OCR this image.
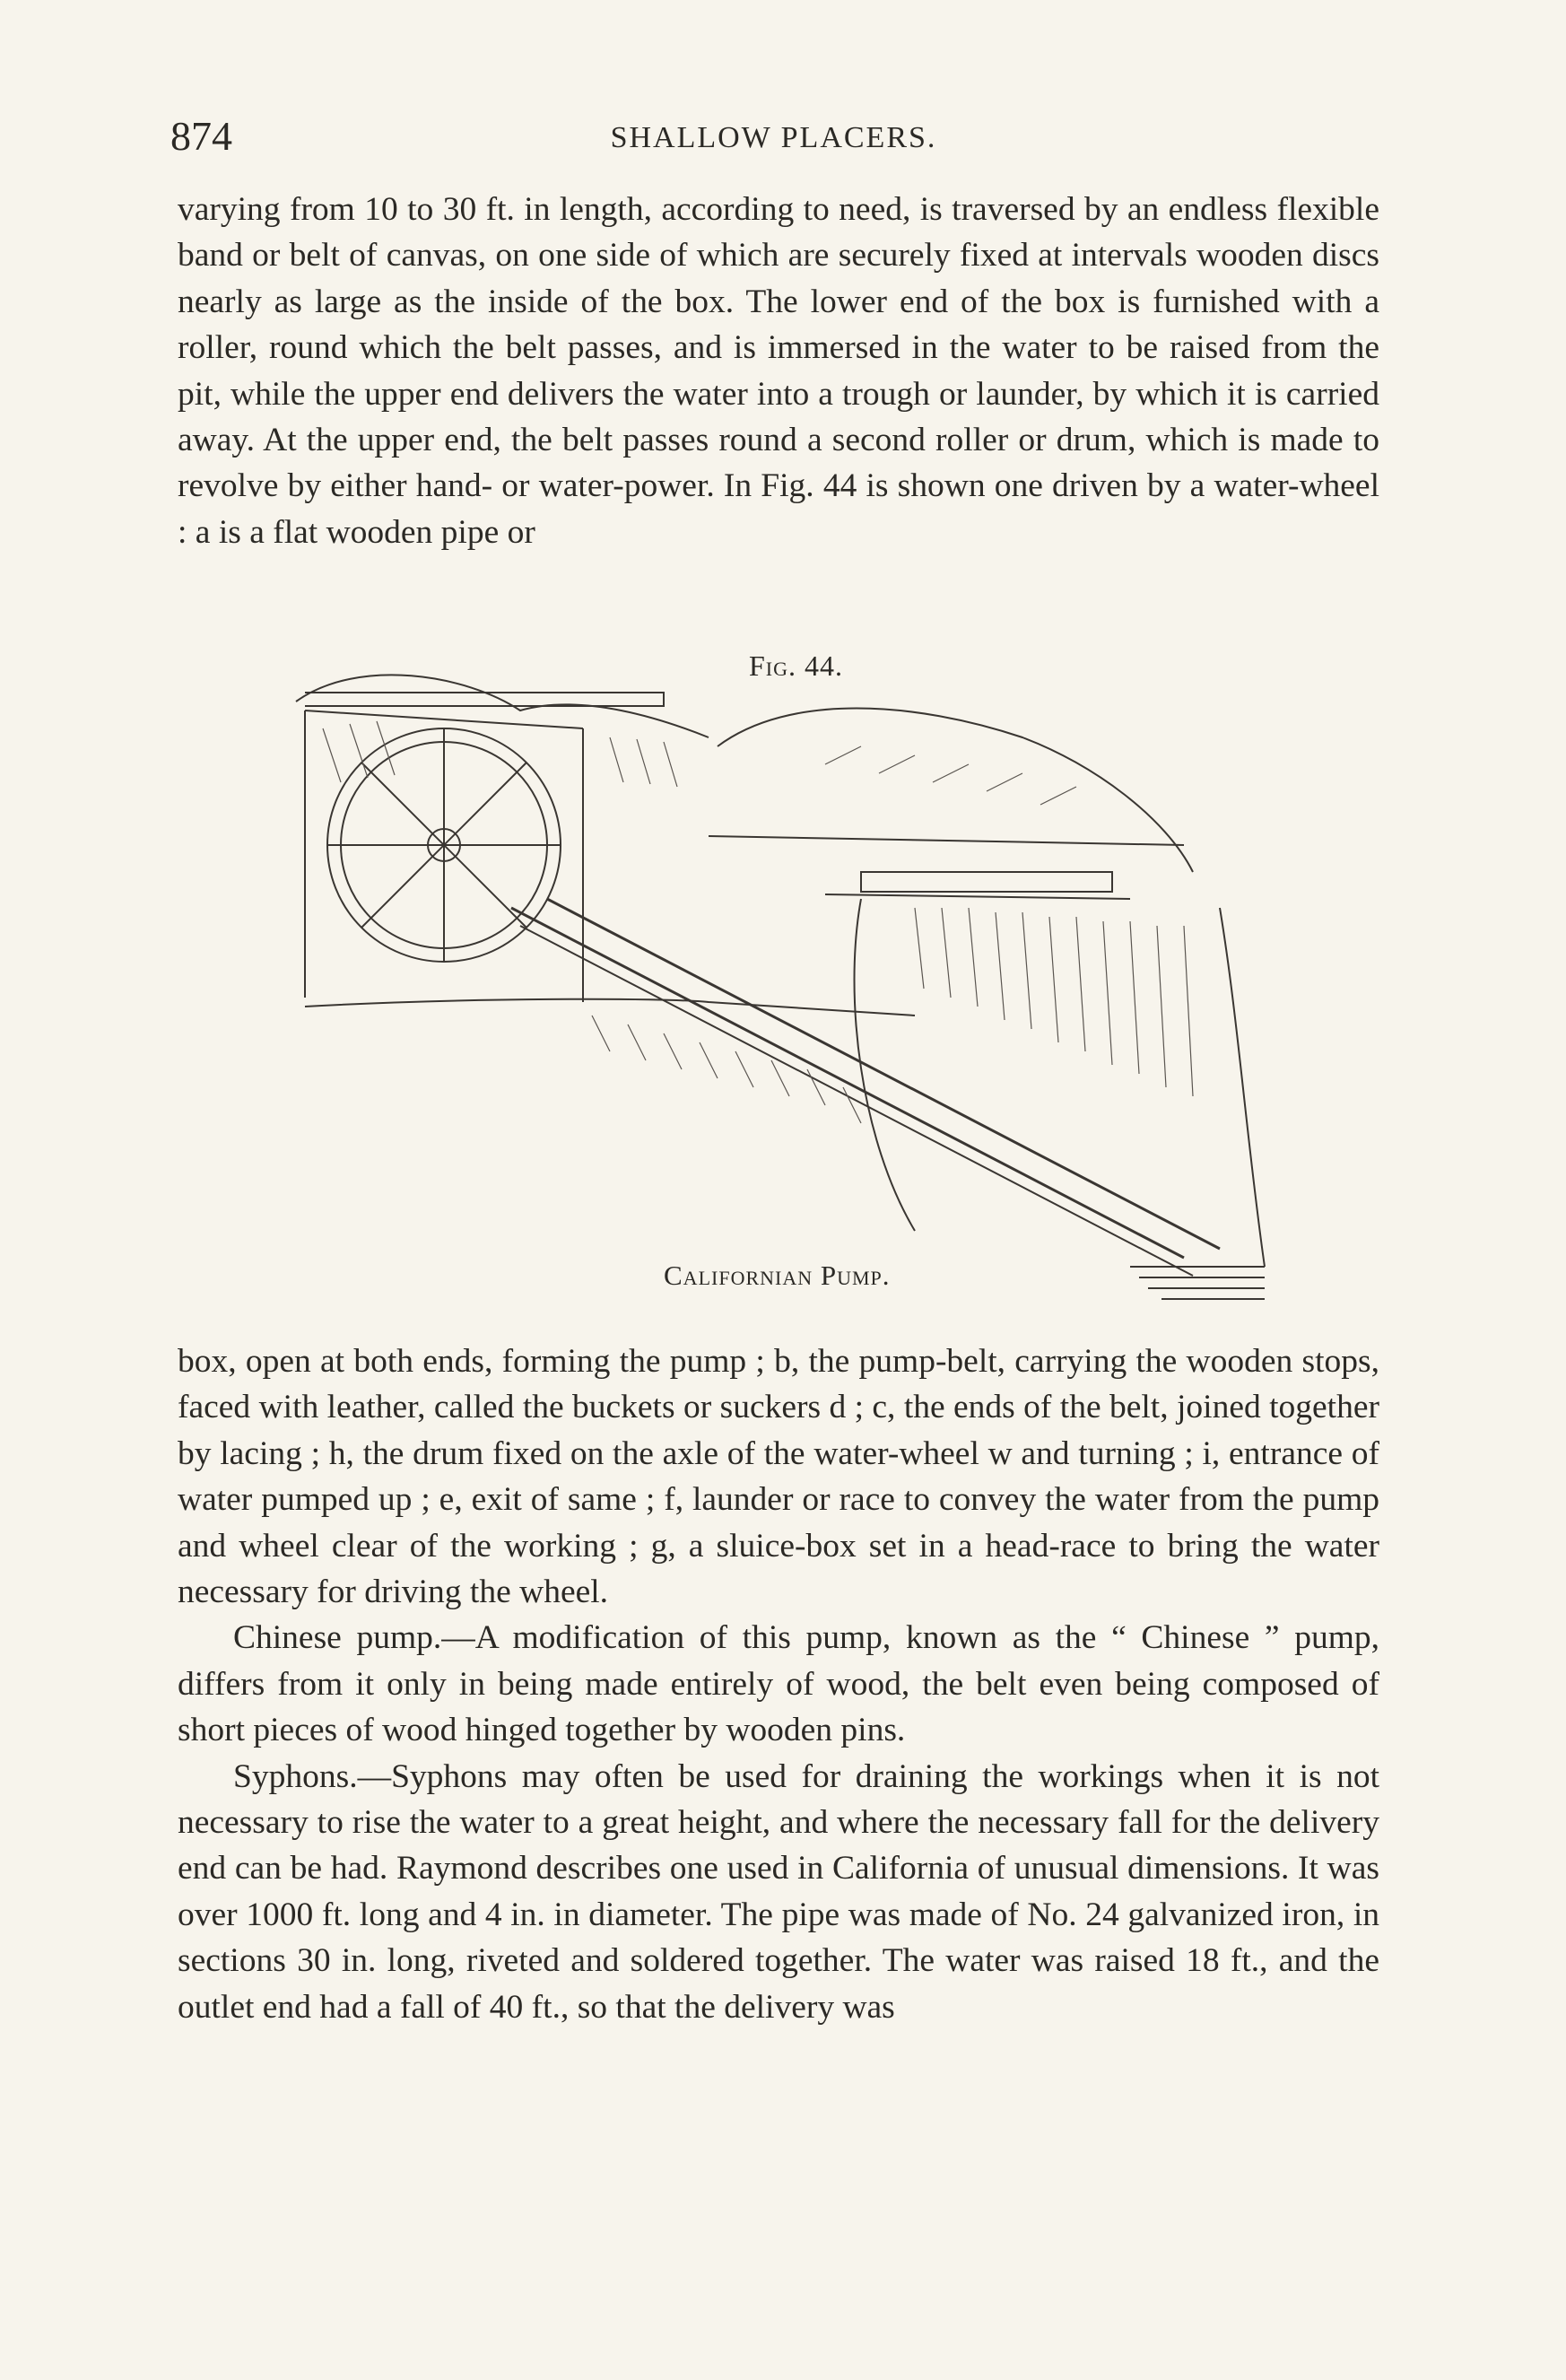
874	SHALLOW PLACERS.

varying from 10 to 30 ft. in length, according to need, is traversed by an endless flexible band or belt of canvas, on one side of which are securely fixed at intervals wooden discs nearly as large as the inside of the box. The lower end of the box is furnished with a roller, round which the belt passes, and is immersed in the water to be raised from the pit, while the upper end delivers the water into a trough or launder, by which it is carried away. At the upper end, the belt passes round a second roller or drum, which is made to revolve by either hand- or water-power. In Fig. 44 is shown one driven by a water-wheel : a is a flat wooden pipe or

Fig. 44.
Californian Pump.

box, open at both ends, forming the pump ; b, the pump-belt, carrying the wooden stops, faced with leather, called the buckets or suckers d ; c, the ends of the belt, joined together by lacing ; h, the drum fixed on the axle of the water-wheel w and turning ; i, entrance of water pumped up ; e, exit of same ; f, launder or race to convey the water from the pump and wheel clear of the working ; g, a sluice-box set in a head-race to bring the water necessary for driving the wheel.

Chinese pump.—A modification of this pump, known as the “ Chinese ” pump, differs from it only in being made entirely of wood, the belt even being composed of short pieces of wood hinged together by wooden pins.

Syphons.—Syphons may often be used for draining the workings when it is not necessary to rise the water to a great height, and where the necessary fall for the delivery end can be had. Raymond describes one used in California of unusual dimensions. It was over 1000 ft. long and 4 in. in diameter. The pipe was made of No. 24 galvanized iron, in sections 30 in. long, riveted and soldered together. The water was raised 18 ft., and the outlet end had a fall of 40 ft., so that the delivery was
